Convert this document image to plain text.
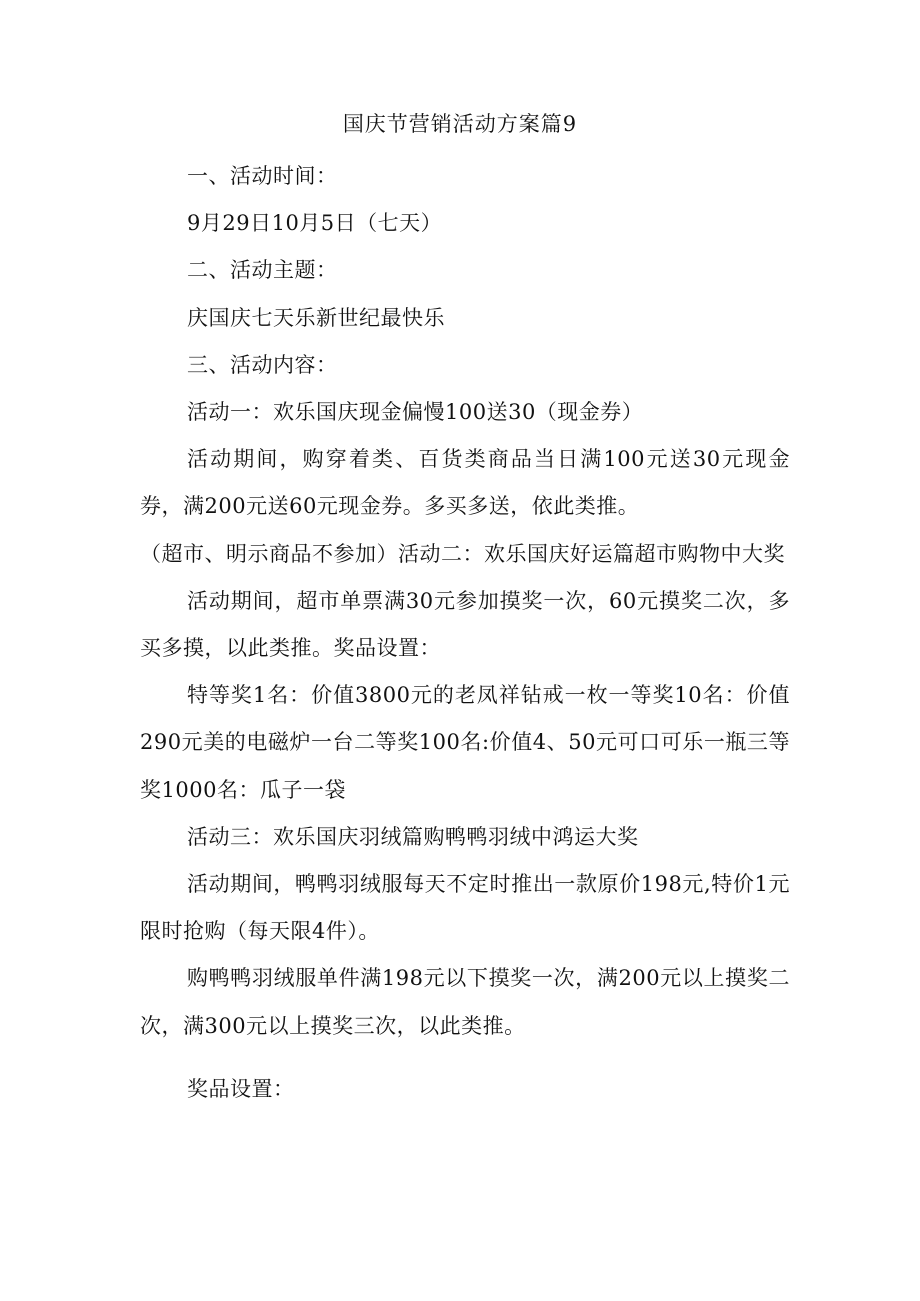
国庆节营销活动方案篇9

一、活动时间：

9月29日10月5日（七天）

二、活动主题：

庆国庆七天乐新世纪最快乐

三、活动内容：

活动一：欢乐国庆现金偏慢100送30（现金券）

活动期间，购穿着类、百货类商品当日满100元送30元现金券，满200元送60元现金券。多买多送，依此类推。

（超市、明示商品不参加）活动二：欢乐国庆好运篇超市购物中大奖

活动期间，超市单票满30元参加摸奖一次，60元摸奖二次，多买多摸，以此类推。奖品设置：

特等奖1名：价值3800元的老凤祥钻戒一枚一等奖10名：价值290元美的电磁炉一台二等奖100名:价值4、50元可口可乐一瓶三等奖1000名：瓜子一袋

活动三：欢乐国庆羽绒篇购鸭鸭羽绒中鸿运大奖

活动期间，鸭鸭羽绒服每天不定时推出一款原价198元,特价1元限时抢购（每天限4件）。

购鸭鸭羽绒服单件满198元以下摸奖一次，满200元以上摸奖二次，满300元以上摸奖三次，以此类推。

奖品设置：
